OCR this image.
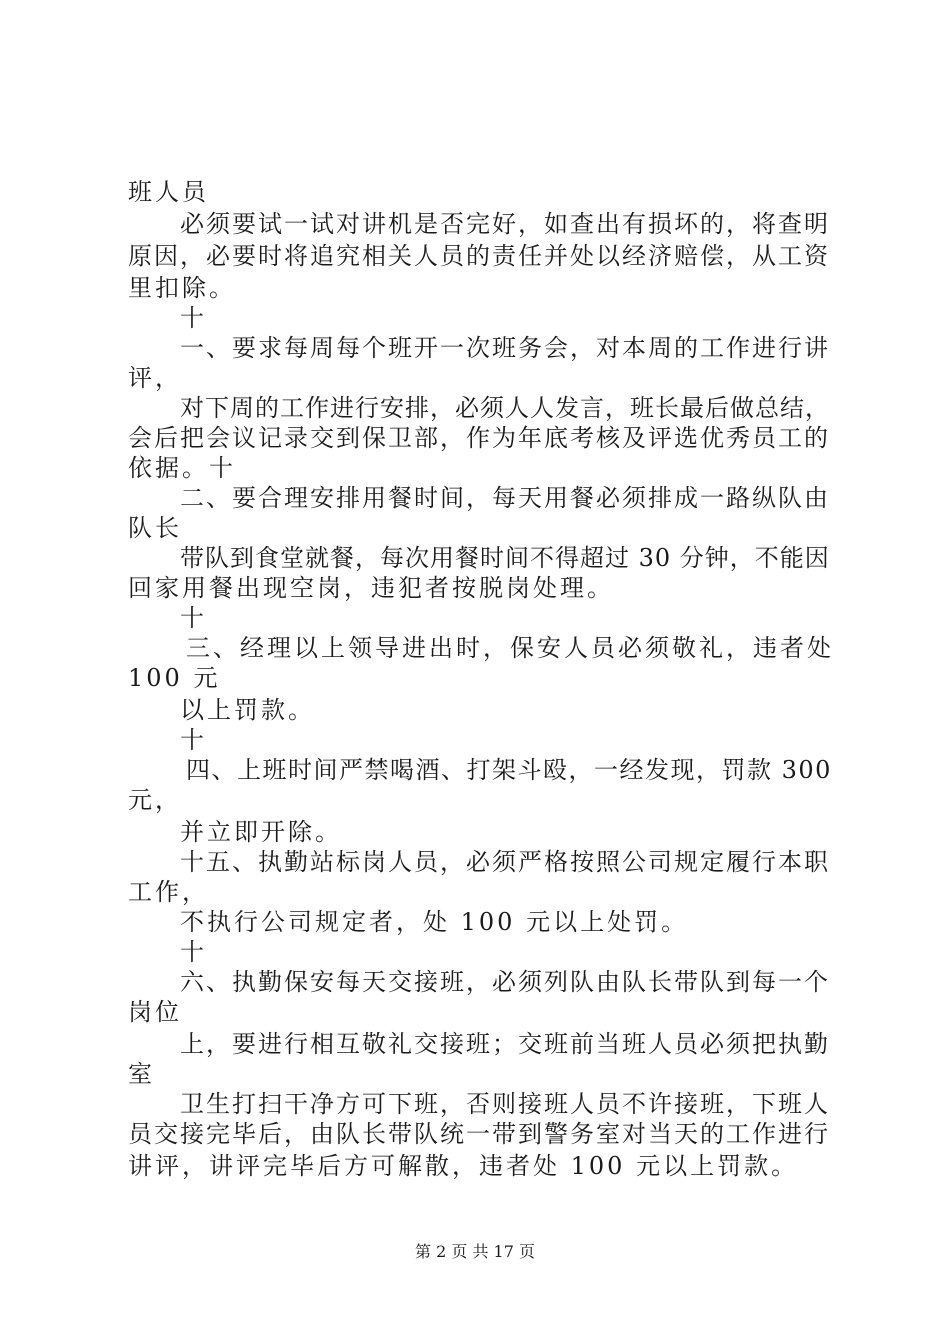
班人员
必须要试一试对讲机是否完好，如查出有损坏的，将查明
原因，必要时将追究相关人员的责任并处以经济赔偿，从工资
里扣除。
十
一、要求每周每个班开一次班务会，对本周的工作进行讲
评，
对下周的工作进行安排，必须人人发言，班长最后做总结，
会后把会议记录交到保卫部，作为年底考核及评选优秀员工的
依据。十
二、要合理安排用餐时间，每天用餐必须排成一路纵队由
队长
带队到食堂就餐，每次用餐时间不得超过 30 分钟，不能因
回家用餐出现空岗，违犯者按脱岗处理。
十
三、经理以上领导进出时，保安人员必须敬礼，违者处
100 元
以上罚款。
十
四、上班时间严禁喝酒、打架斗殴，一经发现，罚款 300
元，
并立即开除。
十五、执勤站标岗人员，必须严格按照公司规定履行本职
工作，
不执行公司规定者，处 100 元以上处罚。
十
六、执勤保安每天交接班，必须列队由队长带队到每一个
岗位
上，要进行相互敬礼交接班；交班前当班人员必须把执勤
室
卫生打扫干净方可下班，否则接班人员不许接班，下班人
员交接完毕后，由队长带队统一带到警务室对当天的工作进行
讲评，讲评完毕后方可解散，违者处 100 元以上罚款。
第 2 页 共 17 页
